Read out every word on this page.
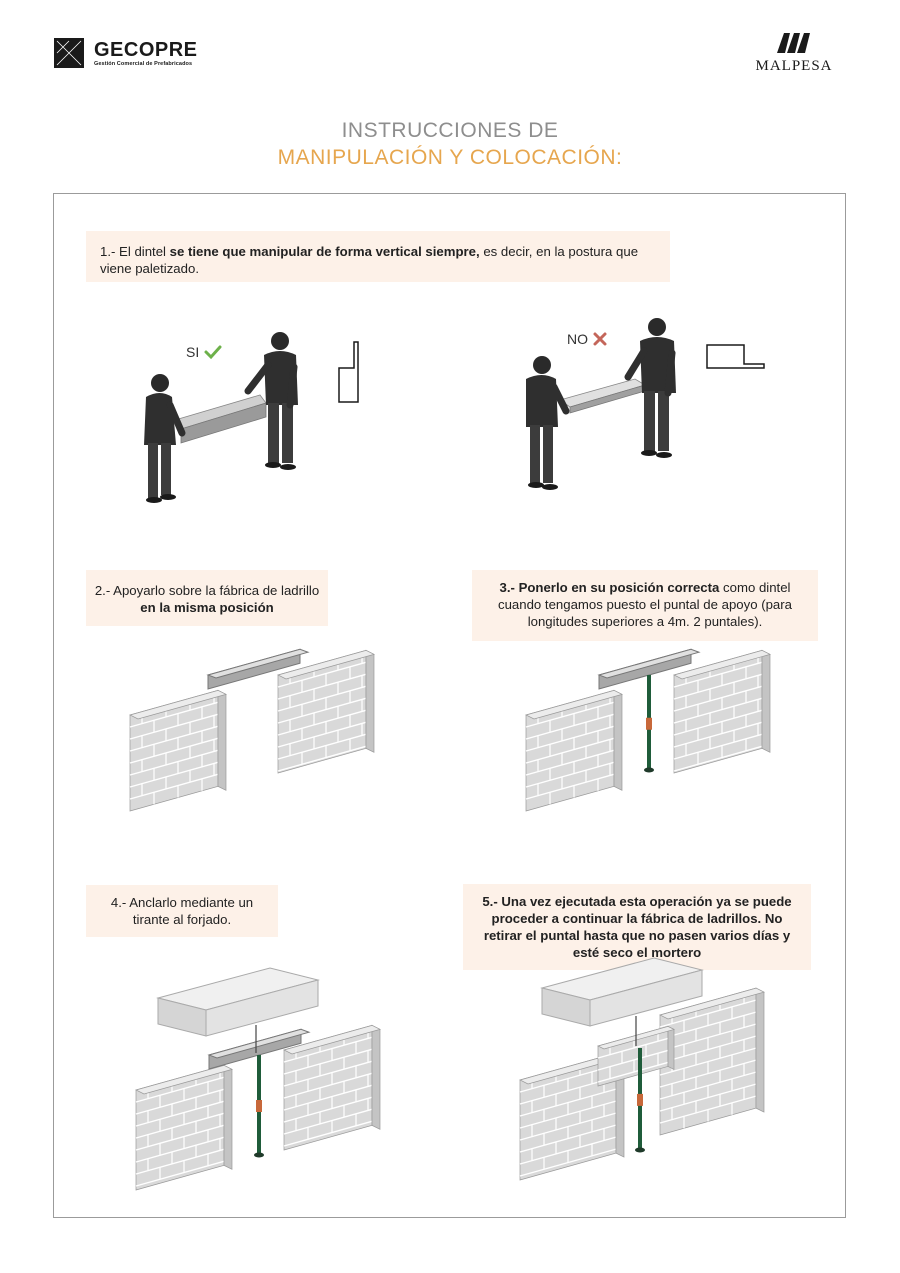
GECOPRE
Gestión Comercial de Prefabricados	MALPESA
INSTRUCCIONES DE
MANIPULACIÓN Y COLOCACIÓN:
1.- El dintel se tiene que manipular de forma vertical siempre, es decir, en la postura que viene paletizado.
SI
NO
2.- Apoyarlo sobre la fábrica de ladrillo en la misma posición
3.- Ponerlo en su posición correcta como dintel cuando tengamos puesto el puntal de apoyo (para longitudes superiores a 4m. 2 puntales).
4.- Anclarlo mediante un tirante al forjado.
5.- Una vez ejecutada esta operación ya se puede proceder a continuar la fábrica de ladrillos. No retirar el puntal hasta que no pasen varios días y esté seco el mortero
